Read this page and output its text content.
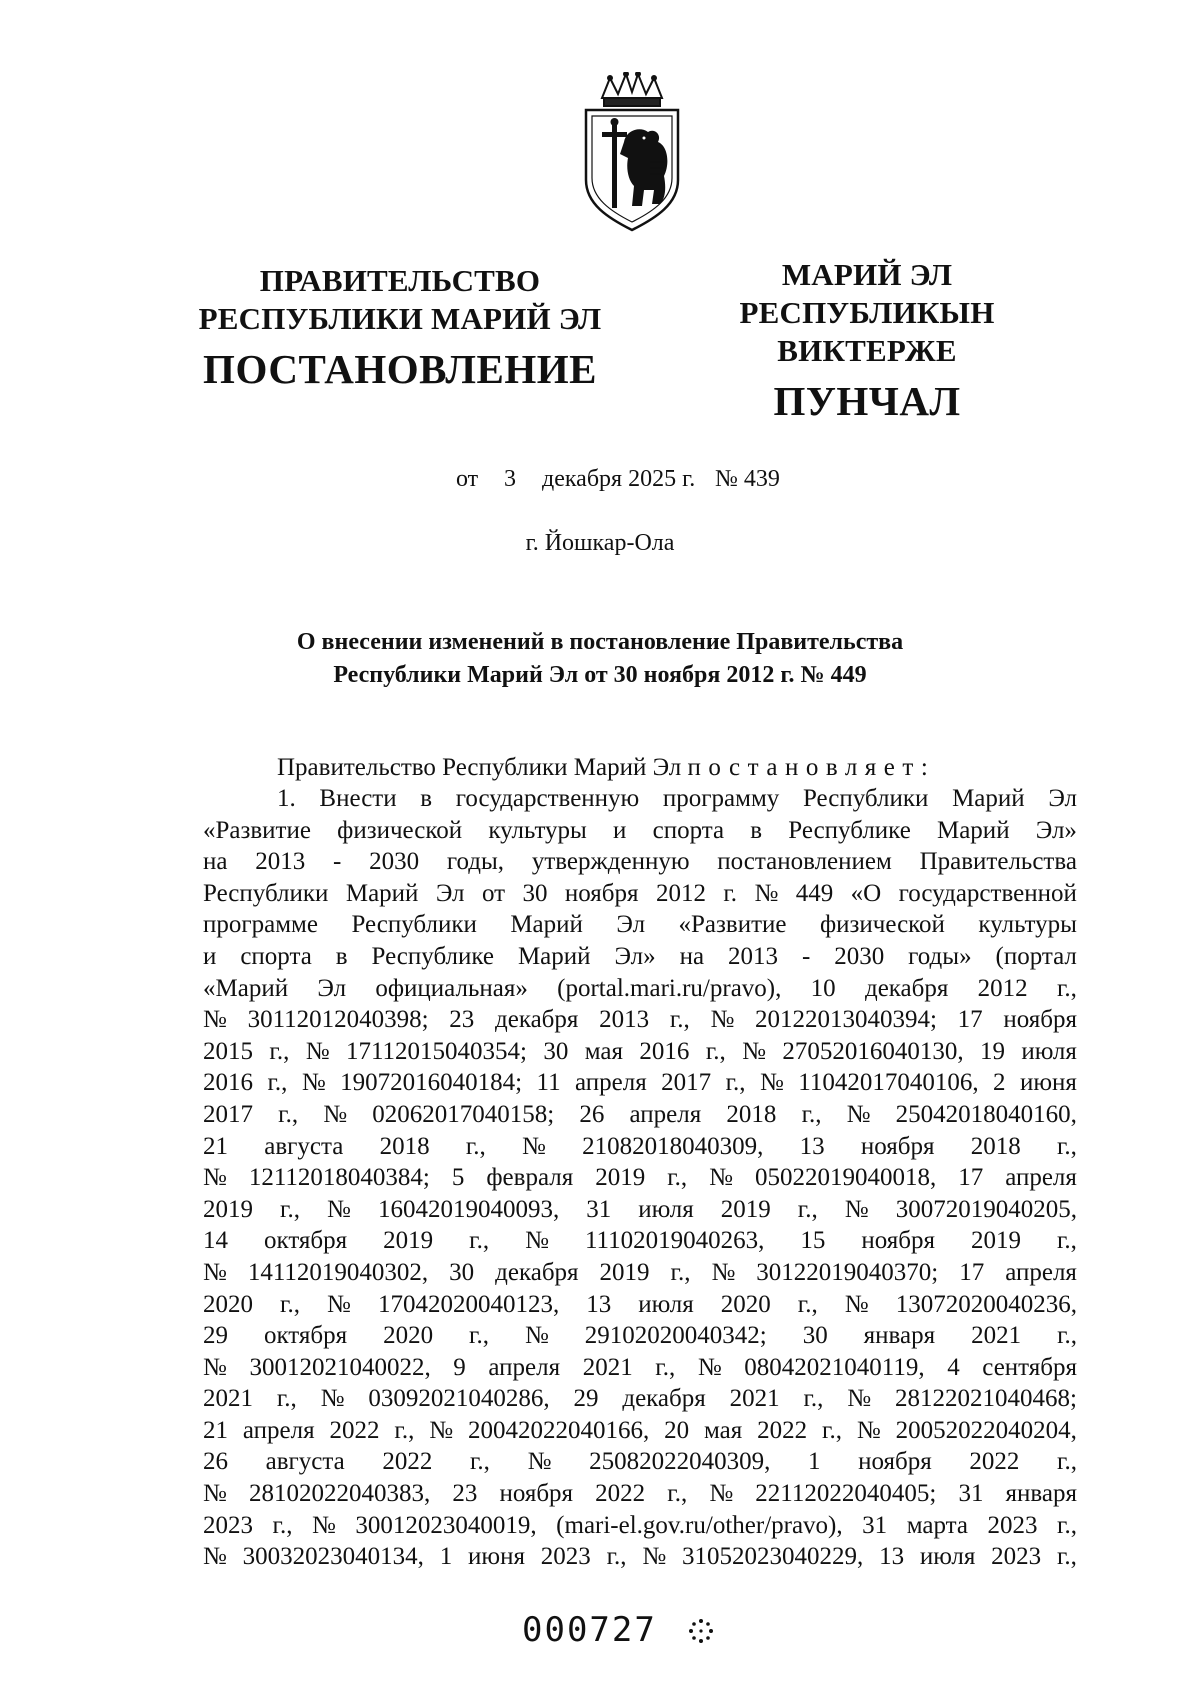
ПРАВИТЕЛЬСТВО
РЕСПУБЛИКИ МАРИЙ ЭЛ
ПОСТАНОВЛЕНИЕ
МАРИЙ ЭЛ РЕСПУБЛИКЫН
ВИКТЕРЖЕ
ПУНЧАЛ
от 3 декабря 2025 г. № 439
г. Йошкар-Ола
О внесении изменений в постановление Правительства
Республики Марий Эл от 30 ноября 2012 г. № 449
Правительство Республики Марий Эл постановляет:
1. Внести в государственную программу Республики Марий Эл
«Развитие физической культуры и спорта в Республике Марий Эл»
на 2013 - 2030 годы, утвержденную постановлением Правительства
Республики Марий Эл от 30 ноября 2012 г. № 449 «О государственной
программе Республики Марий Эл «Развитие физической культуры
и спорта в Республике Марий Эл» на 2013 - 2030 годы» (портал
«Марий Эл официальная» (portal.mari.ru/pravo), 10 декабря 2012 г.,
№ 30112012040398; 23 декабря 2013 г., № 20122013040394; 17 ноября
2015 г., № 17112015040354; 30 мая 2016 г., № 27052016040130, 19 июля
2016 г., № 19072016040184; 11 апреля 2017 г., № 11042017040106, 2 июня
2017 г., № 02062017040158; 26 апреля 2018 г., № 25042018040160,
21 августа 2018 г., № 21082018040309, 13 ноября 2018 г.,
№ 12112018040384; 5 февраля 2019 г., № 05022019040018, 17 апреля
2019 г., № 16042019040093, 31 июля 2019 г., № 30072019040205,
14 октября 2019 г., № 11102019040263, 15 ноября 2019 г.,
№ 14112019040302, 30 декабря 2019 г., № 30122019040370; 17 апреля
2020 г., № 17042020040123, 13 июля 2020 г., № 13072020040236,
29 октября 2020 г., № 29102020040342; 30 января 2021 г.,
№ 30012021040022, 9 апреля 2021 г., № 08042021040119, 4 сентября
2021 г., № 03092021040286, 29 декабря 2021 г., № 28122021040468;
21 апреля 2022 г., № 20042022040166, 20 мая 2022 г., № 20052022040204,
26 августа 2022 г., № 25082022040309, 1 ноября 2022 г.,
№ 28102022040383, 23 ноября 2022 г., № 22112022040405; 31 января
2023 г., № 30012023040019, (mari-el.gov.ru/other/pravo), 31 марта 2023 г.,
№ 30032023040134, 1 июня 2023 г., № 31052023040229, 13 июля 2023 г.,
000727
